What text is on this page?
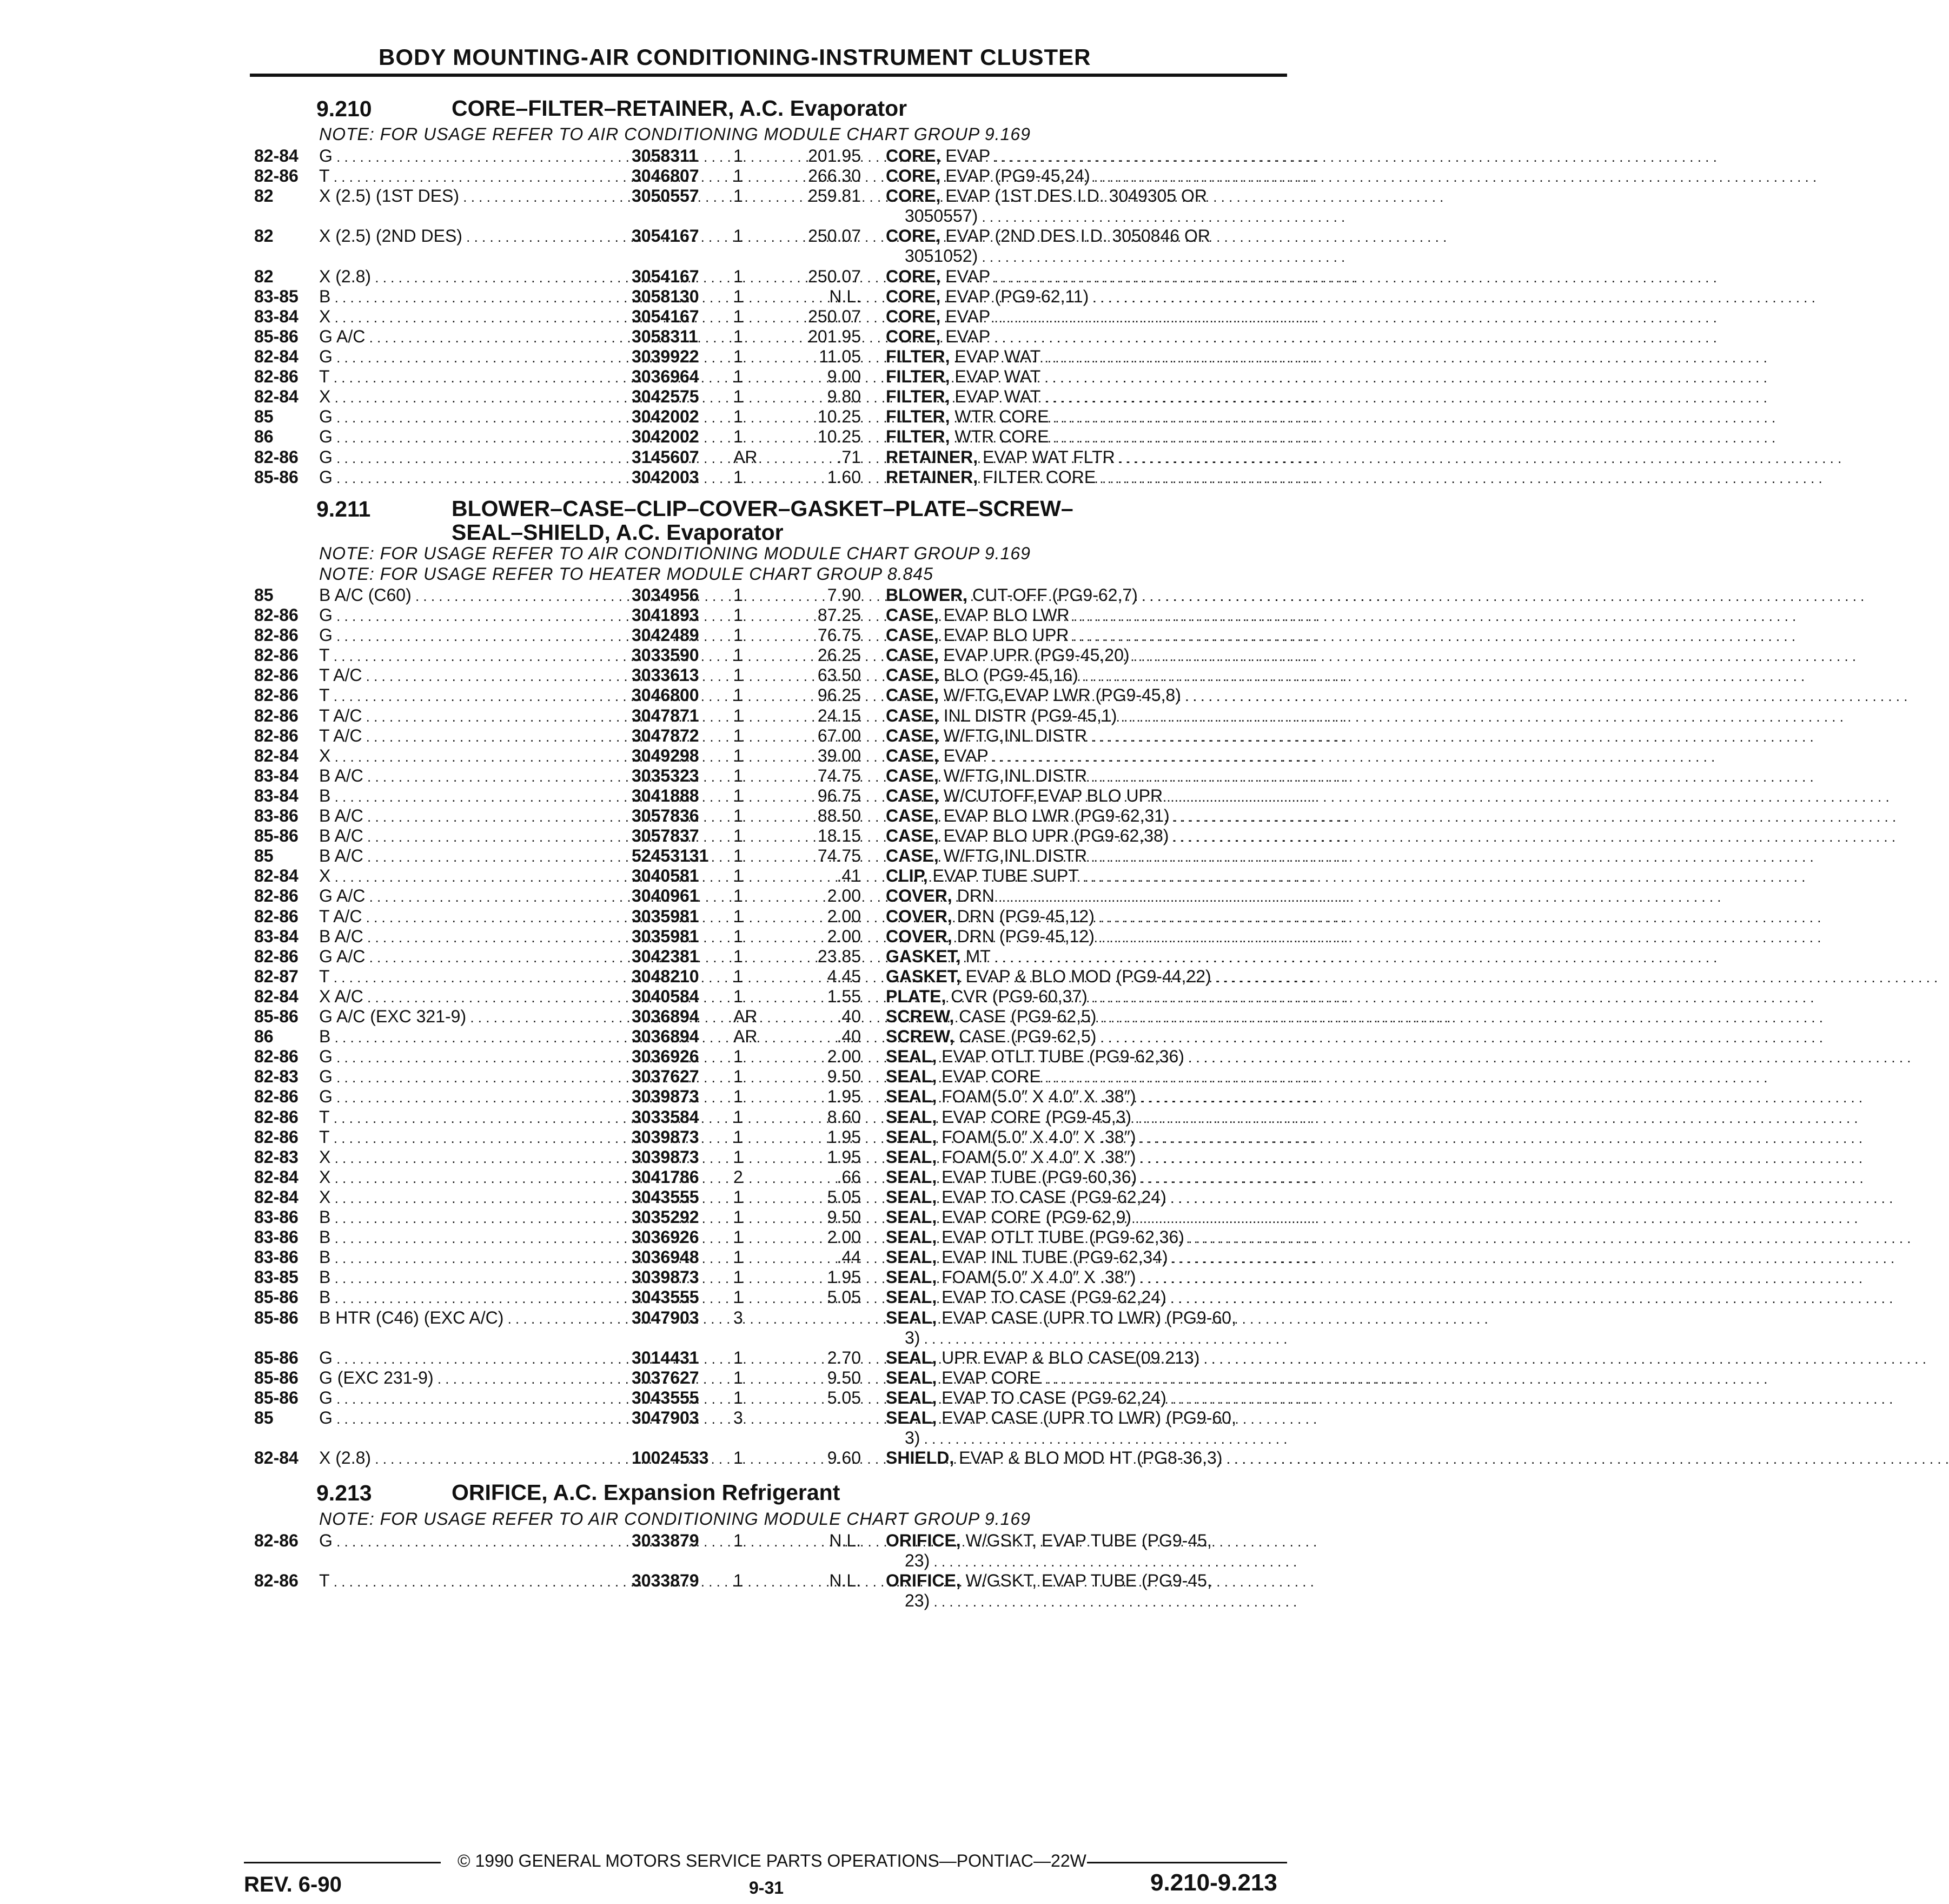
BODY MOUNTING-AIR CONDITIONING-INSTRUMENT CLUSTER
9.210	CORE–FILTER–RETAINER, A.C. Evaporator
NOTE: FOR USAGE REFER TO AIR CONDITIONING MODULE CHART GROUP 9.169
82-84 G . . .	3058311 1	201.95 CORE, EVAP . . .
82-86 T . . .	3046807 1	266.30 CORE, EVAP (PG9-45,24) . . .
82	X (2.5) (1ST DES) . . .	3050557 1	259.81 CORE, EVAP (1ST DES I.D. 3049305 OR
3050557) . . . . . . . . . . . . . . . . . . . . . . . . . . . . . . . . . . . . . . . . . . . . . . .
82	X (2.5) (2ND DES) . . .	3054167 1	250.07 CORE, EVAP (2ND DES I.D. 3050846 OR
3051052) . . . . . . . . . . . . . . . . . . . . . . . . . . . . . . . . . . . . . . . . . . . . . . .
82	X (2.8) . . .	3054167 1	250.07 CORE, EVAP . . .
83-85 B . . .	3058130 1	N.L. CORE, EVAP (PG9-62,11) . . .
83-84 X . . .	3054167 1	250.07 CORE, EVAP . . .
85-86 G A/C . . .	3058311 1	201.95 CORE, EVAP . . .
82-84 G . . .	3039922 1	11.05 FILTER, EVAP WAT . . .
82-86 T . . .	3036964 1	9.00 FILTER, EVAP WAT . . .
82-84 X . . .	3042575 1	9.80 FILTER, EVAP WAT . . .
85	G . . .	3042002 1	10.25 FILTER, WTR CORE . . .
86	G . . .	3042002 1	10.25 FILTER, WTR CORE . . .
82-86 G . . .	3145607 AR	.71 RETAINER, EVAP WAT FLTR . . .
85-86 G . . .	3042003 1	1.60 RETAINER, FILTER CORE . . .
9.211	BLOWER–CASE–CLIP–COVER–GASKET–PLATE–SCREW–
SEAL–SHIELD, A.C. Evaporator
NOTE: FOR USAGE REFER TO AIR CONDITIONING MODULE CHART GROUP 9.169
NOTE: FOR USAGE REFER TO HEATER MODULE CHART GROUP 8.845
85	B A/C (C60) . . .	3034956 1	7.90 BLOWER, CUT-OFF (PG9-62,7) . . .
82-86 G . . .	3041893 1	87.25 CASE, EVAP BLO LWR . . .
82-86 G . . .	3042489 1	76.75 CASE, EVAP BLO UPR . . .
82-86 T . . .	3033590 1	26.25 CASE, EVAP UPR (PG9-45,20) . . .
82-86 T A/C . . .	3033613 1	63.50 CASE, BLO (PG9-45,16) . . .
82-86 T . . .	3046800 1	96.25 CASE, W/FTG,EVAP LWR (PG9-45,8) . . .
82-86 T A/C . . .	3047871 1	24.15 CASE, INL DISTR (PG9-45,1) . . .
82-86 T A/C . . .	3047872 1	67.00 CASE, W/FTG,INL DISTR . . .
82-84 X . . .	3049298 1	39.00 CASE, EVAP . . .
83-84 B A/C . . .	3035323 1	74.75 CASE, W/FTG,INL DISTR . . .
83-84 B . . .	3041888 1	96.75 CASE, W/CUTOFF,EVAP BLO UPR . . .
83-86 B A/C . . .	3057836 1	88.50 CASE, EVAP BLO LWR (PG9-62,31) . . .
85-86 B A/C . . .	3057837 1	18.15 CASE, EVAP BLO UPR (PG9-62,38) . . .
85	B A/C . . .	52453131 1	74.75 CASE, W/FTG,INL DISTR . . .
82-84 X . . .	3040581 1	.41 CLIP, EVAP TUBE SUPT . . .
82-86 G A/C . . .	3040961 1	2.00 COVER, DRN . . .
82-86 T A/C . . .	3035981 1	2.00 COVER, DRN (PG9-45,12) . . .
83-84 B A/C . . .	3035981 1	2.00 COVER, DRN (PG9-45,12) . . .
82-86 G A/C . . .	3042381 1	23.85 GASKET, MT . . .
82-87 T . . .	3048210 1	4.45 GASKET, EVAP & BLO MOD (PG9-44,22) . . .
82-84 X A/C . . .	3040584 1	1.55 PLATE, CVR (PG9-60,37) . . .
85-86 G A/C (EXC 321-9) . . .	3036894 AR	.40 SCREW, CASE (PG9-62,5) . . .
86	B . . .	3036894 AR	.40 SCREW, CASE (PG9-62,5) . . .
82-86 G . . .	3036926 1	2.00 SEAL, EVAP OTLT TUBE (PG9-62,36) . . .
82-83 G . . .	3037627 1	9.50 SEAL, EVAP CORE . . .
82-86 G . . .	3039873 1	1.95 SEAL, FOAM(5.0″ X 4.0″ X .38″) . . .
82-86 T . . .	3033584 1	8.60 SEAL, EVAP CORE (PG9-45,3) . . .
82-86 T . . .	3039873 1	1.95 SEAL, FOAM(5.0″ X 4.0″ X .38″) . . .
82-83 X . . .	3039873 1	1.95 SEAL, FOAM(5.0″ X 4.0″ X .38″) . . .
82-84 X . . .	3041786 2	.66 SEAL, EVAP TUBE (PG9-60,36) . . .
82-84 X . . .	3043555 1	5.05 SEAL, EVAP TO CASE (PG9-62,24) . . .
83-86 B . . .	3035292 1	9.50 SEAL, EVAP CORE (PG9-62,9) . . .
83-86 B . . .	3036926 1	2.00 SEAL, EVAP OTLT TUBE (PG9-62,36) . . .
83-86 B . . .	3036948 1	.44 SEAL, EVAP INL TUBE (PG9-62,34) . . .
83-85 B . . .	3039873 1	1.95 SEAL, FOAM(5.0″ X 4.0″ X .38″) . . .
85-86 B . . .	3043555 1	5.05 SEAL, EVAP TO CASE (PG9-62,24) . . .
85-86 B HTR (C46) (EXC A/C) . . .	3047903 3	SEAL, EVAP CASE (UPR TO LWR) (PG9-60,
3) . . . . . . . . . . . . . . . . . . . . . . . . . . . . . . . . . . . . . . . . . . . . . . .
85-86 G . . .	3014431 1	2.70 SEAL, UPR EVAP & BLO CASE(09.213) . . .
85-86 G (EXC 231-9) . . .	3037627 1	9.50 SEAL, EVAP CORE . . .
85-86 G . . .	3043555 1	5.05 SEAL, EVAP TO CASE (PG9-62,24) . . .
85	G . . .	3047903 3	SEAL, EVAP CASE (UPR TO LWR) (PG9-60,
3) . . . . . . . . . . . . . . . . . . . . . . . . . . . . . . . . . . . . . . . . . . . . . . .
82-84 X (2.8) . . .	10024533 1	9.60 SHIELD, EVAP & BLO MOD HT (PG8-36,3) . . .
9.213	ORIFICE, A.C. Expansion Refrigerant
NOTE: FOR USAGE REFER TO AIR CONDITIONING MODULE CHART GROUP 9.169
82-86 G . . .	3033879 1	N.L. ORIFICE, W/GSKT, EVAP TUBE (PG9-45,
23) . . . . . . . . . . . . . . . . . . . . . . . . . . . . . . . . . . . . . . . . . . . . . . .
82-86 T . . .	3033879 1	N.L. ORIFICE, W/GSKT, EVAP TUBE (PG9-45,
23) . . . . . . . . . . . . . . . . . . . . . . . . . . . . . . . . . . . . . . . . . . . . . . .
© 1990 GENERAL MOTORS SERVICE PARTS OPERATIONS—PONTIAC—22W
REV. 6-90	9-31	9.210-9.213
